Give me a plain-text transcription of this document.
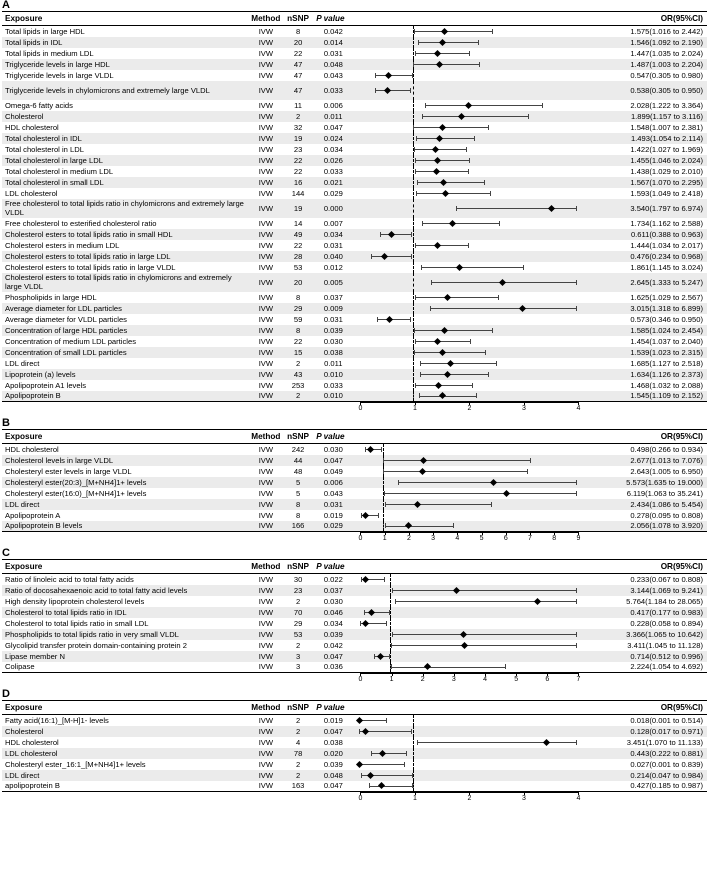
A
Exposure	Method	nSNP	P value		OR(95%CI)
Total lipids in large HDL	IVW	8	0.042		1.575(1.016 to 2.442)
Total lipids in IDL	IVW	20	0.014		1.546(1.092 to 2.190)
Total lipids in medium LDL	IVW	22	0.031		1.447(1.035 to 2.024)
Triglyceride levels in large HDL	IVW	47	0.048		1.487(1.003 to 2.204)
Triglyceride levels in large VLDL	IVW	47	0.043		0.547(0.305 to 0.980)
Triglyceride levels in chylomicrons and extremely large VLDL	IVW	47	0.033		0.538(0.305 to 0.950)
Omega-6 fatty acids	IVW	11	0.006		2.028(1.222 to 3.364)
Cholesterol	IVW	2	0.011		1.899(1.157 to 3.116)
HDL cholesterol	IVW	32	0.047		1.548(1.007 to 2.381)
Total cholesterol in IDL	IVW	19	0.024		1.493(1.054 to 2.114)
Total cholesterol in LDL	IVW	23	0.034		1.422(1.027 to 1.969)
Total cholesterol in large LDL	IVW	22	0.026		1.455(1.046 to 2.024)
Total cholesterol in medium LDL	IVW	22	0.033		1.438(1.029 to 2.010)
Total cholesterol in small LDL	IVW	16	0.021		1.567(1.070 to 2.295)
LDL cholesterol	IVW	144	0.029		1.593(1.049 to 2.418)
Free cholesterol to total lipids ratio in chylomicrons and extremely large VLDL	IVW	19	0.000		3.540(1.797 to 6.974)
Free cholesterol to esterified cholesterol ratio	IVW	14	0.007		1.734(1.162 to 2.588)
Cholesterol esters to total lipids ratio in small HDL	IVW	49	0.034		0.611(0.388 to 0.963)
Cholesterol esters in medium LDL	IVW	22	0.031		1.444(1.034 to 2.017)
Cholesterol esters to total lipids ratio in large LDL	IVW	28	0.040		0.476(0.234 to 0.968)
Cholesterol esters to total lipids ratio in large VLDL	IVW	53	0.012		1.861(1.145 to 3.024)
Cholesterol esters to total lipids ratio in chylomicrons and extremely large VLDL	IVW	20	0.005		2.645(1.333 to 5.247)
Phospholipids in large HDL	IVW	8	0.037		1.625(1.029 to 2.567)
Average diameter for LDL particles	IVW	29	0.009		3.015(1.318 to 6.899)
Average diameter for VLDL particles	IVW	59	0.031		0.573(0.346 to 0.950)
Concentration of large HDL particles	IVW	8	0.039		1.585(1.024 to 2.454)
Concentration of medium LDL particles	IVW	22	0.030		1.454(1.037 to 2.040)
Concentration of small LDL particles	IVW	15	0.038		1.539(1.023 to 2.315)
LDL direct	IVW	2	0.011		1.685(1.127 to 2.518)
Lipoprotein (a) levels	IVW	43	0.010		1.634(1.126 to 2.373)
Apolipoprotein A1 levels	IVW	253	0.033		1.468(1.032 to 2.088)
Apolipoprotein B	IVW	2	0.010		1.545(1.109 to 2.152)

				0 1 2 3 4	

B
Exposure	Method	nSNP	P value		OR(95%CI)
HDL cholesterol	IVW	242	0.030		0.498(0.266 to 0.934)
Cholesterol levels in large VLDL	IVW	44	0.047		2.677(1.013 to 7.076)
Cholesteryl ester levels in large VLDL	IVW	48	0.049		2.643(1.005 to 6.950)
Cholesteryl ester(20:3)_[M+NH4]1+ levels	IVW	5	0.006		5.573(1.635 to 19.000)
Cholesteryl ester(16:0)_[M+NH4]1+ levels	IVW	5	0.043		6.119(1.063 to 35.241)
LDL direct	IVW	8	0.031		2.434(1.086 to 5.454)
Apolipoprotein A	IVW	8	0.019		0.278(0.095 to 0.808)
Apolipoprotein B levels	IVW	166	0.029		2.056(1.078 to 3.920)

0	1	2	3	4	5	6	7	8	9

C
Exposure	Method	nSNP	P value		OR(95%CI)
Ratio of linoleic acid to total fatty acids	IVW	30	0.022		0.233(0.067 to 0.808)
Ratio of docosahexaenoic acid to total fatty acid levels	IVW	23	0.037		3.144(1.069 to 9.241)
High density lipoprotein cholesterol levels	IVW	2	0.030		5.764(1.184 to 28.065)
Cholesterol to total lipids ratio in IDL	IVW	70	0.046		0.417(0.177 to 0.983)
Cholesterol to total lipids ratio in small LDL	IVW	29	0.034		0.228(0.058 to 0.894)
Phospholipids to total lipids ratio in very small VLDL	IVW	53	0.039		3.366(1.065 to 10.642)
Glycolipid transfer protein domain-containing protein 2	IVW	2	0.042		3.411(1.045 to 11.128)
Lipase member N	IVW	3	0.047		0.714(0.512 to 0.996)
Colipase	IVW	3	0.036		2.224(1.054 to 4.692)

0	1	2	3	4	5	6	7

D
Exposure	Method	nSNP	P value		OR(95%CI)
Fatty acid(16:1)_[M-H]1- levels	IVW	2	0.019		0.018(0.001 to 0.514)
Cholesterol	IVW	2	0.047		0.128(0.017 to 0.971)
HDL cholesterol	IVW	4	0.038		3.451(1.070 to 11.133)
LDL cholesterol	IVW	78	0.020		0.443(0.222 to 0.881)
Cholesteryl ester_16:1_[M+NH4]1+ levels	IVW	2	0.039		0.027(0.001 to 0.839)
LDL direct	IVW	2	0.048		0.214(0.047 to 0.984)
apolipoprotein B	IVW	163	0.047		0.427(0.185 to 0.987)

				0 1 2 3 4	
